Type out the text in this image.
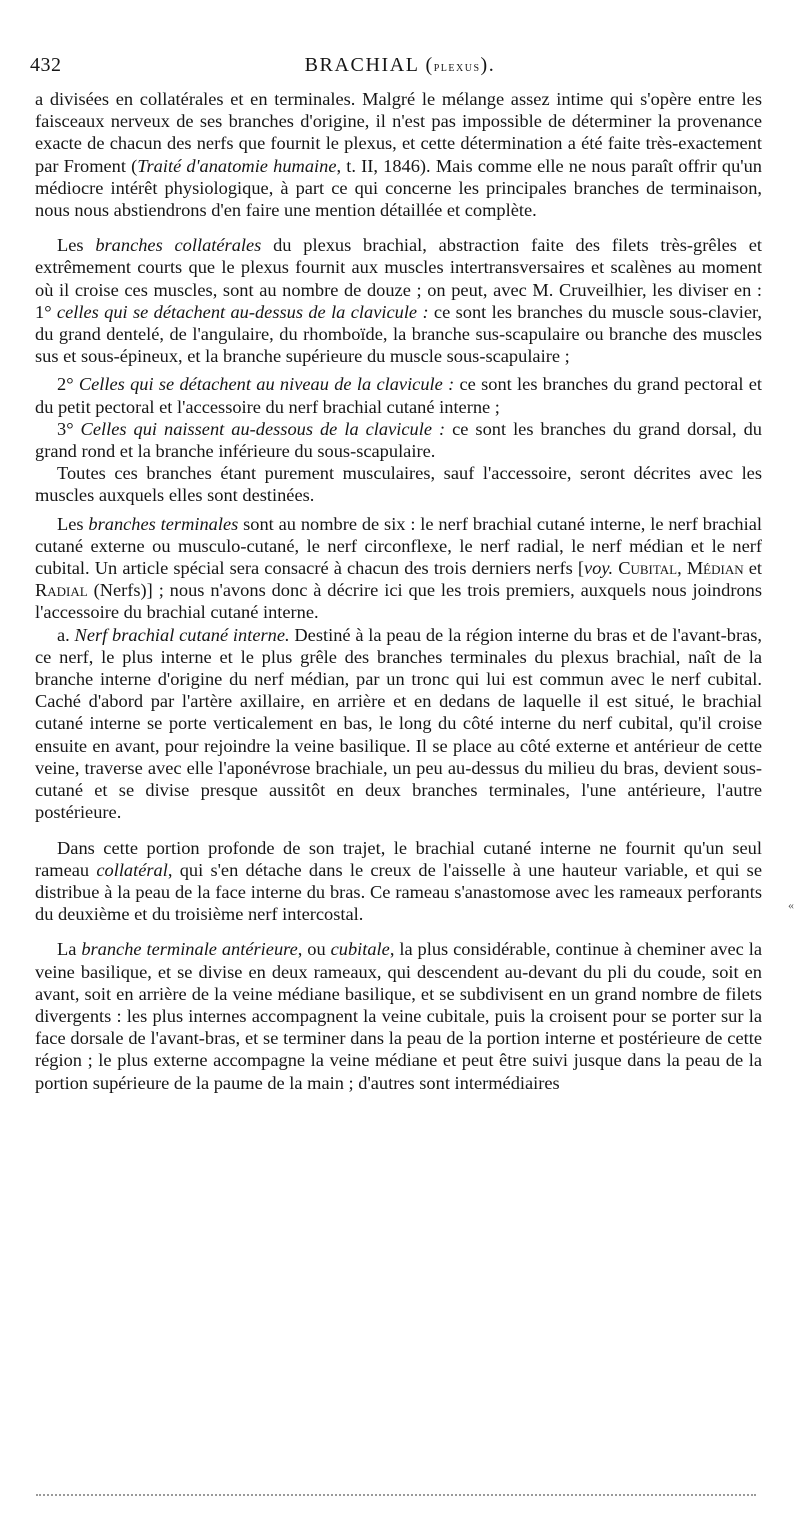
432	BRACHIAL (plexus).

a divisées en collatérales et en terminales. Malgré le mélange assez intime qui s'opère entre les faisceaux nerveux de ses branches d'origine, il n'est pas impossible de déterminer la provenance exacte de chacun des nerfs que fournit le plexus, et cette détermination a été faite très-exactement par Froment (Traité d'anatomie humaine, t. II, 1846). Mais comme elle ne nous paraît offrir qu'un médiocre intérêt physiologique, à part ce qui concerne les principales branches de terminaison, nous nous abstiendrons d'en faire une mention détaillée et complète.

Les branches collatérales du plexus brachial, abstraction faite des filets très-grêles et extrêmement courts que le plexus fournit aux muscles intertransversaires et scalènes au moment où il croise ces muscles, sont au nombre de douze ; on peut, avec M. Cruveilhier, les diviser en : 1° celles qui se détachent au-dessus de la clavicule : ce sont les branches du muscle sous-clavier, du grand dentelé, de l'angulaire, du rhomboïde, la branche sus-scapulaire ou branche des muscles sus et sous-épineux, et la branche supérieure du muscle sous-scapulaire ;

2° Celles qui se détachent au niveau de la clavicule : ce sont les branches du grand pectoral et du petit pectoral et l'accessoire du nerf brachial cutané interne ;

3° Celles qui naissent au-dessous de la clavicule : ce sont les branches du grand dorsal, du grand rond et la branche inférieure du sous-scapulaire.

Toutes ces branches étant purement musculaires, sauf l'accessoire, seront décrites avec les muscles auxquels elles sont destinées.

Les branches terminales sont au nombre de six : le nerf brachial cutané interne, le nerf brachial cutané externe ou musculo-cutané, le nerf circonflexe, le nerf radial, le nerf médian et le nerf cubital. Un article spécial sera consacré à chacun des trois derniers nerfs [voy. Cubital, Médian et Radial (Nerfs)] ; nous n'avons donc à décrire ici que les trois premiers, auxquels nous joindrons l'accessoire du brachial cutané interne.

a. Nerf brachial cutané interne. Destiné à la peau de la région interne du bras et de l'avant-bras, ce nerf, le plus interne et le plus grêle des branches terminales du plexus brachial, naît de la branche interne d'origine du nerf médian, par un tronc qui lui est commun avec le nerf cubital. Caché d'abord par l'artère axillaire, en arrière et en dedans de laquelle il est situé, le brachial cutané interne se porte verticalement en bas, le long du côté interne du nerf cubital, qu'il croise ensuite en avant, pour rejoindre la veine basilique. Il se place au côté externe et antérieur de cette veine, traverse avec elle l'aponévrose brachiale, un peu au-dessus du milieu du bras, devient sous-cutané et se divise presque aussitôt en deux branches terminales, l'une antérieure, l'autre postérieure.

Dans cette portion profonde de son trajet, le brachial cutané interne ne fournit qu'un seul rameau collatéral, qui s'en détache dans le creux de l'aisselle à une hauteur variable, et qui se distribue à la peau de la face interne du bras. Ce rameau s'anastomose avec les rameaux perforants du deuxième et du troisième nerf intercostal.

La branche terminale antérieure, ou cubitale, la plus considérable, continue à cheminer avec la veine basilique, et se divise en deux rameaux, qui descendent au-devant du pli du coude, soit en avant, soit en arrière de la veine médiane basilique, et se subdivisent en un grand nombre de filets divergents : les plus internes accompagnent la veine cubitale, puis la croisent pour se porter sur la face dorsale de l'avant-bras, et se terminer dans la peau de la portion interne et postérieure de cette région ; le plus externe accompagne la veine médiane et peut être suivi jusque dans la peau de la portion supérieure de la paume de la main ; d'autres sont intermédiaires

«
